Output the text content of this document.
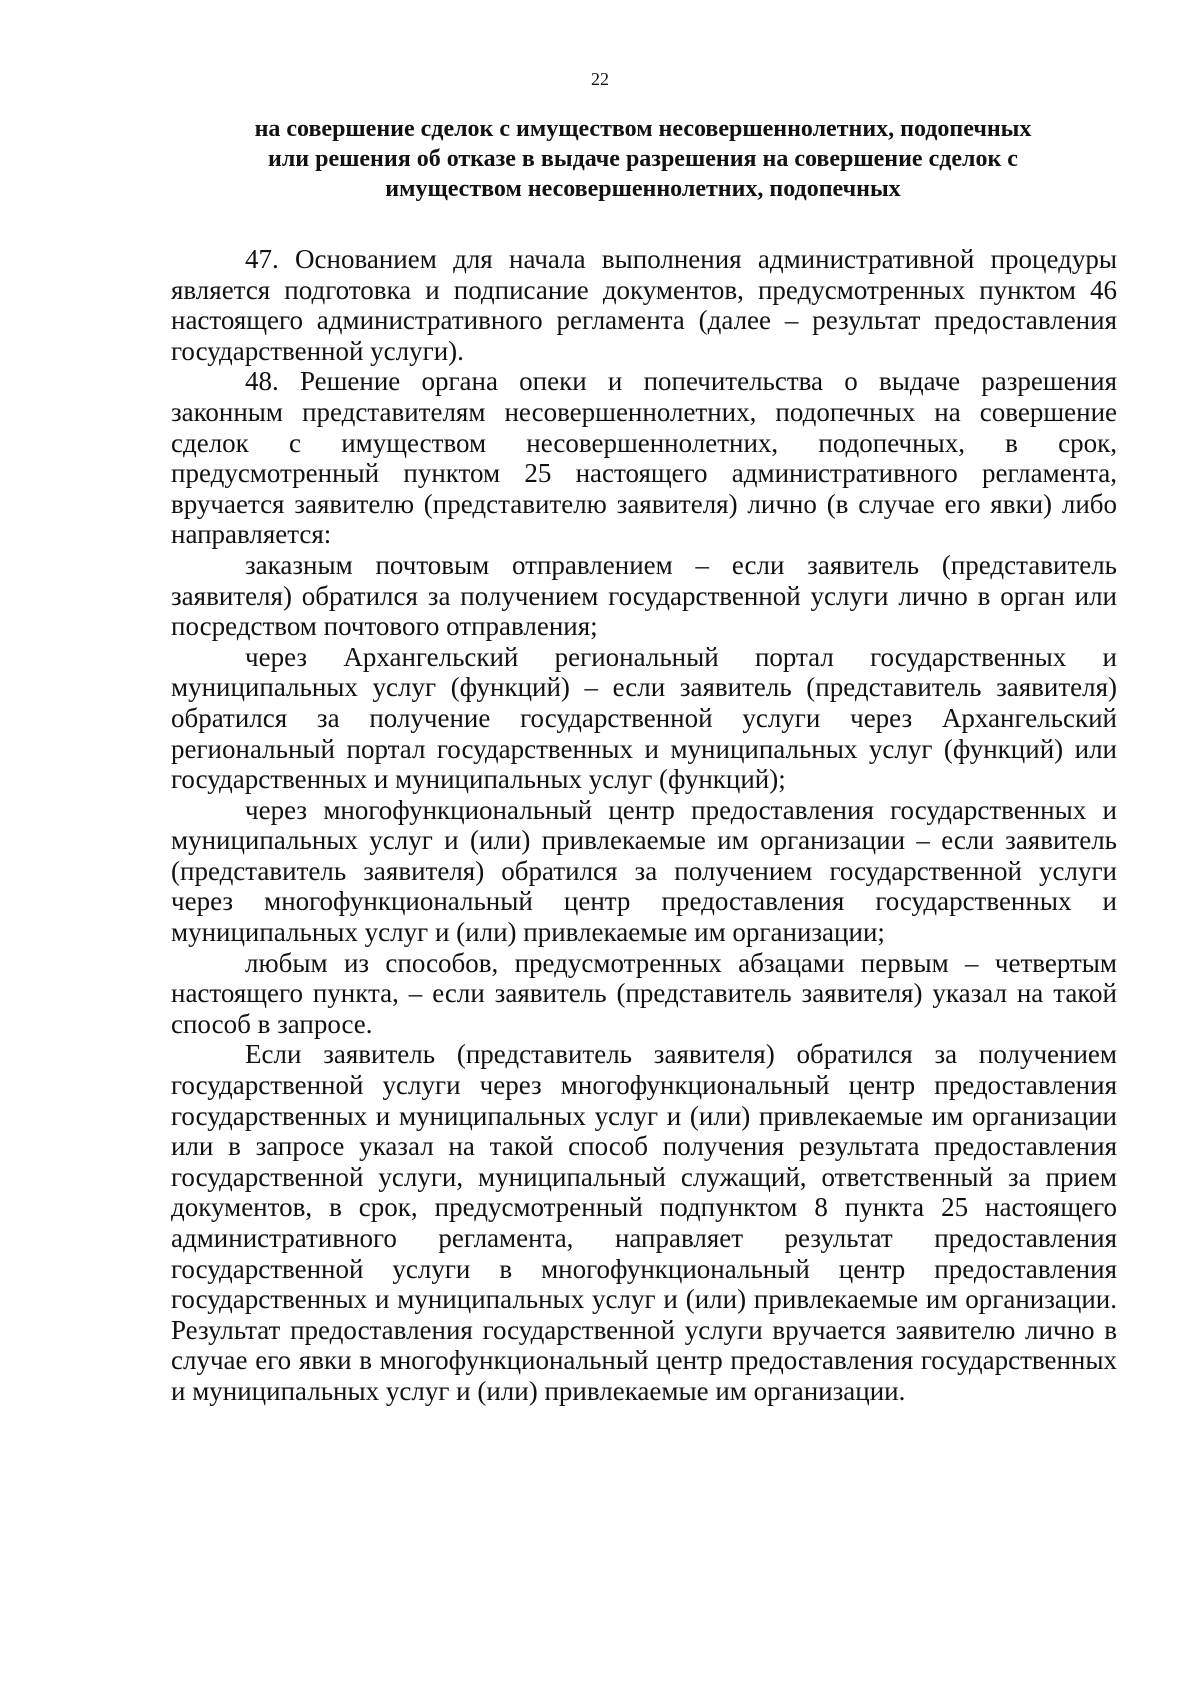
22
на совершение сделок с имуществом несовершеннолетних, подопечных
или решения об отказе в выдаче разрешения на совершение сделок с
имуществом несовершеннолетних, подопечных

47. Основанием для начала выполнения административной процедуры является подготовка и подписание документов, предусмотренных пунктом 46 настоящего административного регламента (далее – результат предоставления государственной услуги).

48. Решение органа опеки и попечительства о выдаче разрешения законным представителям несовершеннолетних, подопечных на совершение сделок с имуществом несовершеннолетних, подопечных, в срок, предусмотренный пунктом 25 настоящего административного регламента, вручается заявителю (представителю заявителя) лично (в случае его явки) либо направляется:

заказным почтовым отправлением – если заявитель (представитель заявителя) обратился за получением государственной услуги лично в орган или посредством почтового отправления;

через Архангельский региональный портал государственных и муниципальных услуг (функций) – если заявитель (представитель заявителя) обратился за получение государственной услуги через Архангельский региональный портал государственных и муниципальных услуг (функций) или государственных и муниципальных услуг (функций);

через многофункциональный центр предоставления государственных и муниципальных услуг и (или) привлекаемые им организации – если заявитель (представитель заявителя) обратился за получением государственной услуги через многофункциональный центр предоставления государственных и муниципальных услуг и (или) привлекаемые им организации;

любым из способов, предусмотренных абзацами первым – четвертым настоящего пункта, – если заявитель (представитель заявителя) указал на такой способ в запросе.

Если заявитель (представитель заявителя) обратился за получением государственной услуги через многофункциональный центр предоставления государственных и муниципальных услуг и (или) привлекаемые им организации или в запросе указал на такой способ получения результата предоставления государственной услуги, муниципальный служащий, ответственный за прием документов, в срок, предусмотренный подпунктом 8 пункта 25 настоящего административного регламента, направляет результат предоставления государственной услуги в многофункциональный центр предоставления государственных и муниципальных услуг и (или) привлекаемые им организации. Результат предоставления государственной услуги вручается заявителю лично в случае его явки в многофункциональный центр предоставления государственных и муниципальных услуг и (или) привлекаемые им организации.
